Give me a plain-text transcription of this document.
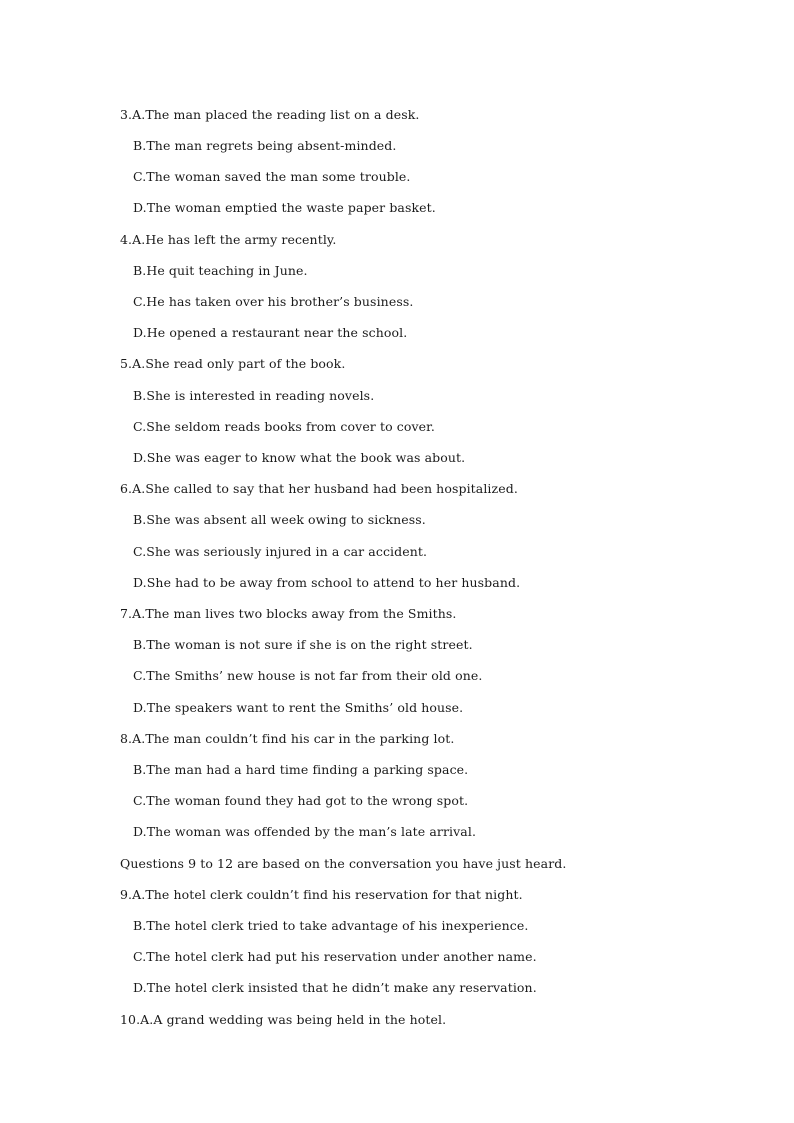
3.A.The man placed the reading list on a desk.
B.The man regrets being absent-minded.
C.The woman saved the man some trouble.
D.The woman emptied the waste paper basket.
4.A.He has left the army recently.
B.He quit teaching in June.
C.He has taken over his brother’s business.
D.He opened a restaurant near the school.
5.A.She read only part of the book.
B.She is interested in reading novels.
C.She seldom reads books from cover to cover.
D.She was eager to know what the book was about.
6.A.She called to say that her husband had been hospitalized.
B.She was absent all week owing to sickness.
C.She was seriously injured in a car accident.
D.She had to be away from school to attend to her husband.
7.A.The man lives two blocks away from the Smiths.
B.The woman is not sure if she is on the right street.
C.The Smiths’ new house is not far from their old one.
D.The speakers want to rent the Smiths’ old house.
8.A.The man couldn’t find his car in the parking lot.
B.The man had a hard time finding a parking space.
C.The woman found they had got to the wrong spot.
D.The woman was offended by the man’s late arrival.
Questions 9 to 12 are based on the conversation you have just heard.
9.A.The hotel clerk couldn’t find his reservation for that night.
B.The hotel clerk tried to take advantage of his inexperience.
C.The hotel clerk had put his reservation under another name.
D.The hotel clerk insisted that he didn’t make any reservation.
10.A.A grand wedding was being held in the hotel.
